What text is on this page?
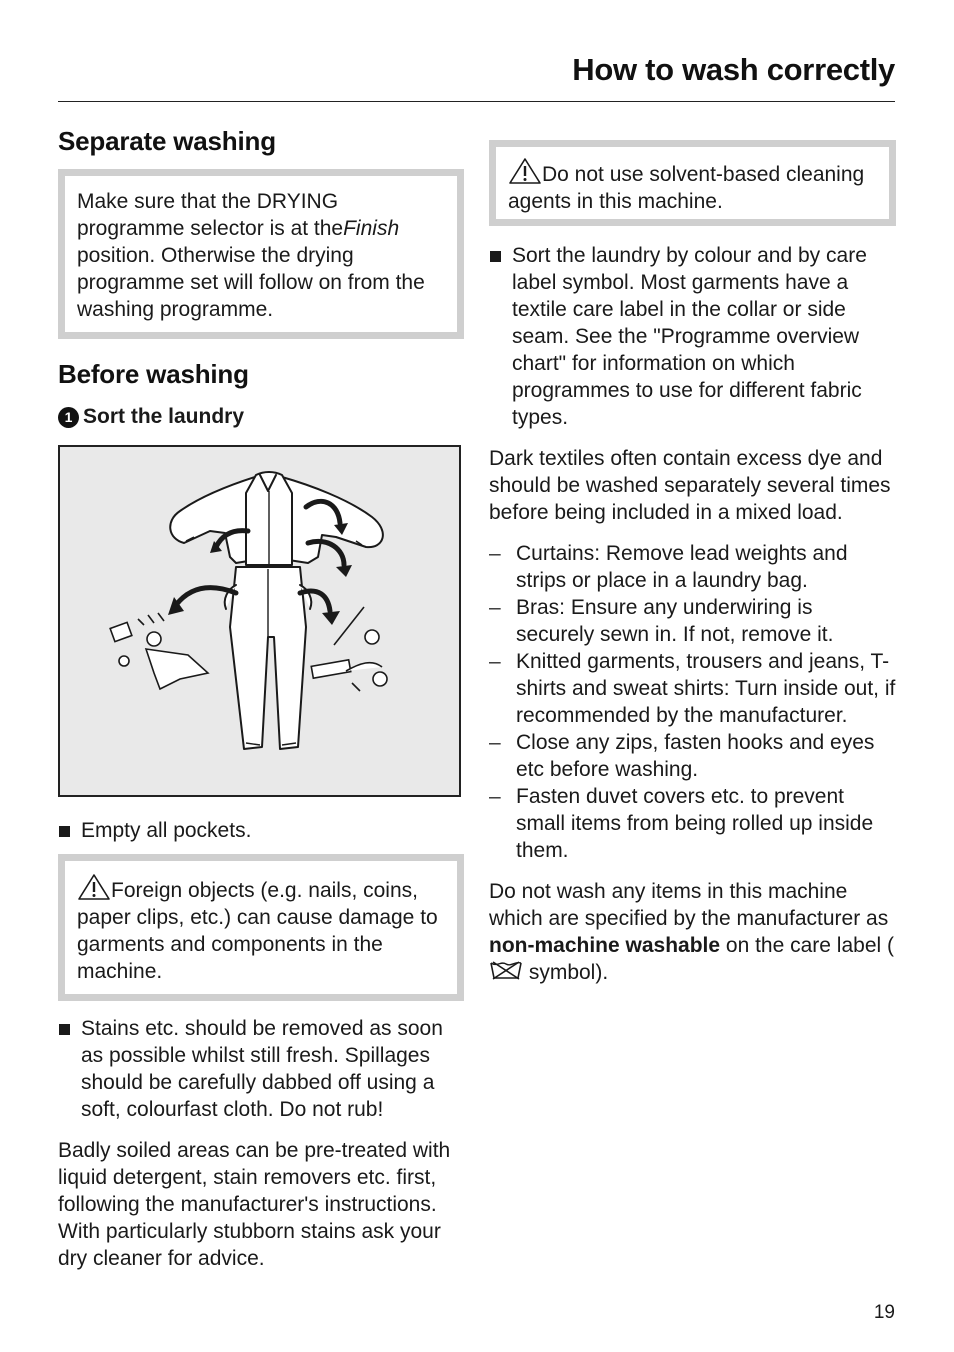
How to wash correctly
Separate washing
Make sure that the DRYING programme selector is at theFinish position. Otherwise the drying programme set will follow on from the washing programme.
Before washing
1 Sort the laundry
Empty all pockets.
Foreign objects (e.g. nails, coins, paper clips, etc.) can cause damage to garments and components in the machine.
Stains etc. should be removed as soon as possible whilst still fresh. Spillages should be carefully dabbed off using a soft, colourfast cloth. Do not rub!

Badly soiled areas can be pre-treated with liquid detergent, stain removers etc. first, following the manufacturer's instructions. With particularly stubborn stains ask your dry cleaner for advice.

Do not use solvent-based cleaning agents in this machine.
Sort the laundry by colour and by care label symbol. Most garments have a textile care label in the collar or side seam. See the "Programme overview chart" for information on which programmes to use for different fabric types.

Dark textiles often contain excess dye and should be washed separately several times before being included in a mixed load.

– Curtains: Remove lead weights and strips or place in a laundry bag.
– Bras: Ensure any underwiring is securely sewn in. If not, remove it.
– Knitted garments, trousers and jeans, T-shirts and sweat shirts: Turn inside out, if recommended by the manufacturer.
– Close any zips, fasten hooks and eyes etc before washing.
– Fasten duvet covers etc. to prevent small items from being rolled up inside them.

Do not wash any items in this machine which are specified by the manufacturer as non-machine washable on the care label ( symbol).

19
